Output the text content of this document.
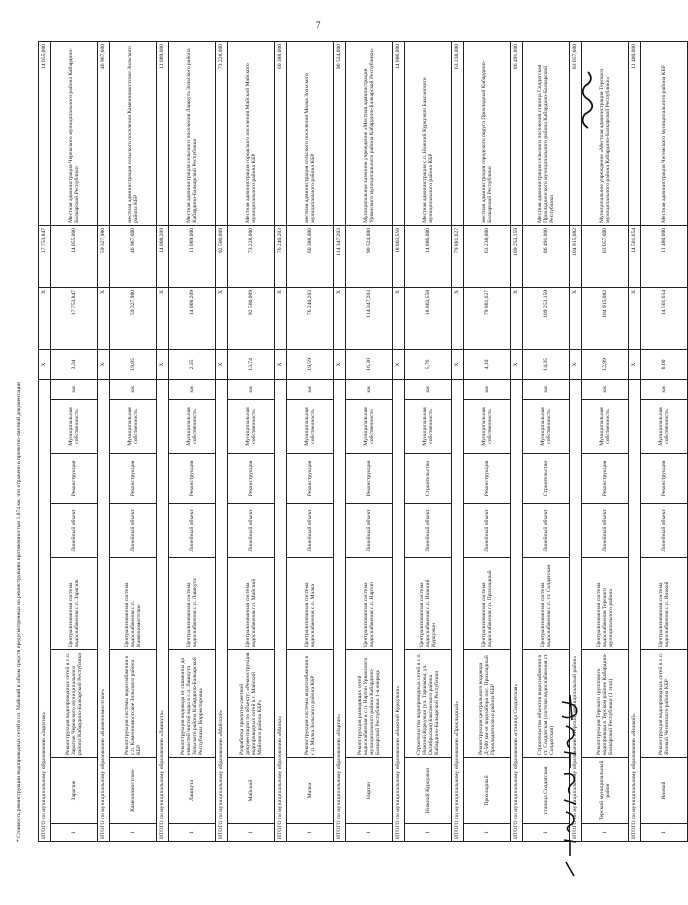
7
ИТОГО по муниципальному образованию «Зарагиж»								Х	Х	17 753,847	14 055,000	
1	Зарагиж	Реконструкция водопроводных сетей в с.п. Зарагиж Черекского муниципального района Кабардино-Балкарской Республики	Централизованная система водоснабжения с.п. Зарагиж	Линейный объект	Реконструкция	Муниципальная собственность	км	3,34	17 753,847	14 055,000	Местная администрация Черекского муниципального района Кабардино-Балкарской Республики	
ИТОГО по муниципальному образованию «Каменномостское»								Х	Х	59 327,980	46 967,000	
1	Каменномостское	Реконструкция системы водоснабжения в с.п. Каменномостское Зольского района КБР	Централизованная система водоснабжения с.п. Каменномостское	Линейный объект	Реконструкция	Муниципальная собственность	км	19,85	59 327,980	46 967,000	местная администрация сельского поселения Каменномостское Зольского района КБР	
ИТОГО по муниципальному образованию «Лашкута»								Х	Х	14 008,209	11 089,000	
1	Лашкута	Реконструкция водовода от скважины до емкостей чистой воды в с.п. Лашкута Зольского района Кабардино-Балкарской Республики. Корректировка	Централизованная система водоснабжения с.п. Лашкута	Линейный объект	Реконструкция	Муниципальная собственность	км	2,35	14 008,209	11 089,000	Местная администрация сельского поселения Лашкута Зольского района Кабардино-Балкарской Республики	
ИТОГО по муниципальному образованию «Майский»								Х	Х	92 500,009	73 228,000	
1	Майский	Разработка проектно-сметной документации по объекту: «Реконструкция водопроводных сетей в г. Майский Майского района КБР»	Централизованная система водоснабжения г.п. Майский	Линейный объект	Реконструкция	Муниципальная собственность	км	13,74	92 500,009	73 228,000	Местная администрация городского поселения Майский Майского муниципального района КБР	
ИТОГО по муниципальному образованию «Малка»								Х	Х	76 240,203	60 388,000	
1	Малка	Реконструкция системы водоснабжения в с.п. Малка Зольского района КБР	Централизованная система водоснабжения с.п. Малка	Линейный объект	Реконструкция	Муниципальная собственность	км	19,59	76 240,203	60 388,000	местная администрация сельского поселения Малка Зольского муниципального района КБР	
ИТОГО по муниципальному образованию «Нартан»								Х	Х	114 347,203	90 524,000	
1	Нартан	Реконструкция разводящих сетей водоснабжения в с.п. Нартан Урванского муниципального района Кабардино-Балкарской Республики 1-я очередь	Централизованная система водоснабжения с.п. Нартан	Линейный объект	Реконструкция	Муниципальная собственность	км	16,30	114 347,203	90 524,000	Муниципальное казенное учреждение «Местная администрация Урванского муниципального района Кабардино-Балкарской Республики»	
ИТОГО по муниципальному образованию «Нижний Куркужин»								Х	Х	18 803,558	14 886,000	
1	Нижний Куркужин	Строительство водопроводных сетей в с.п. Нижний Куркужин (ул. Тарчокова, ул. Октябрьская) Баксанского района Кабардино-Балкарской Республики	Централизованная система водоснабжения с.п. Нижний Куркужин	Линейный объект	Строительство	Муниципальная собственность	км	5,76	18 803,558	14 886,000	Местная администрация с.п. Нижний Куркужин Баксанского муниципального района КБР	
ИТОГО по муниципальному образованию «Прохладный»								Х	Х	79 881,627	63 238,000	
1	Прохладный	Реконструкция центрального водовода Д-500 мм от водозабора пос. Прохладный Прохладненского района КБР	Централизованная система водоснабжения г.о. Прохладный	Линейный объект	Реконструкция	Муниципальная собственность	км	4,10	79 881,627	63 238,000	местная администрация городского округа Прохладный Кабардино-Балкарской Республики	
ИТОГО по муниципальному образованию «станица Солдатская»								Х	Х	109 253,159	86 491,000	
1	станица Солдатская	Строительство объектов водоснабжения в ст. Солдатская (система водоснабжения ст. Солдатская)	Централизованная система водоснабжения с.п. ст. Солдатская	Линейный объект	Строительство	Муниципальная собственность	км	14,35	109 253,159	86 491,000	Местная администрация сельского поселения станица Солдатская Прохладненского муниципального района Кабардино-Балкарской Республики	
ИТОГО по муниципальному образованию «Терский муниципальный район»								Х	Х	104 915,082	83 057,000	
1	Терский муниципальный район	Реконструкция Терского группового водопровода в Терском районе Кабардино-Балкарской Республики (1 этап)	Централизованная система водоснабжения Терского муниципального района	Линейный объект	Реконструкция	Муниципальная собственность	км	12,99	104 915,082	83 057,000	Муниципальное учреждение «Местная администрация Терского муниципального района Кабардино-Балкарской Республики»	
ИТОГО по муниципальному образованию «Яникой»								Х	Х	14 501,654	11 480,000	
1	Яникой	Реконструкция водопроводных сетей в с.п. Яникой Чегемского района КБР	Централизованная система водоснабжения с.п. Яникой	Линейный объект	Реконструкция	Муниципальная собственность	км	6,60	14 501,654	11 480,000	Местная администрация Чегемского муниципального района КБР	
* Стоимость реконструкции водопроводных сетей в г.п. Майский и объем средств предусмотренных на реконструкцию протяженностью 1,874 км, что отражено в проектно-сметной документации
